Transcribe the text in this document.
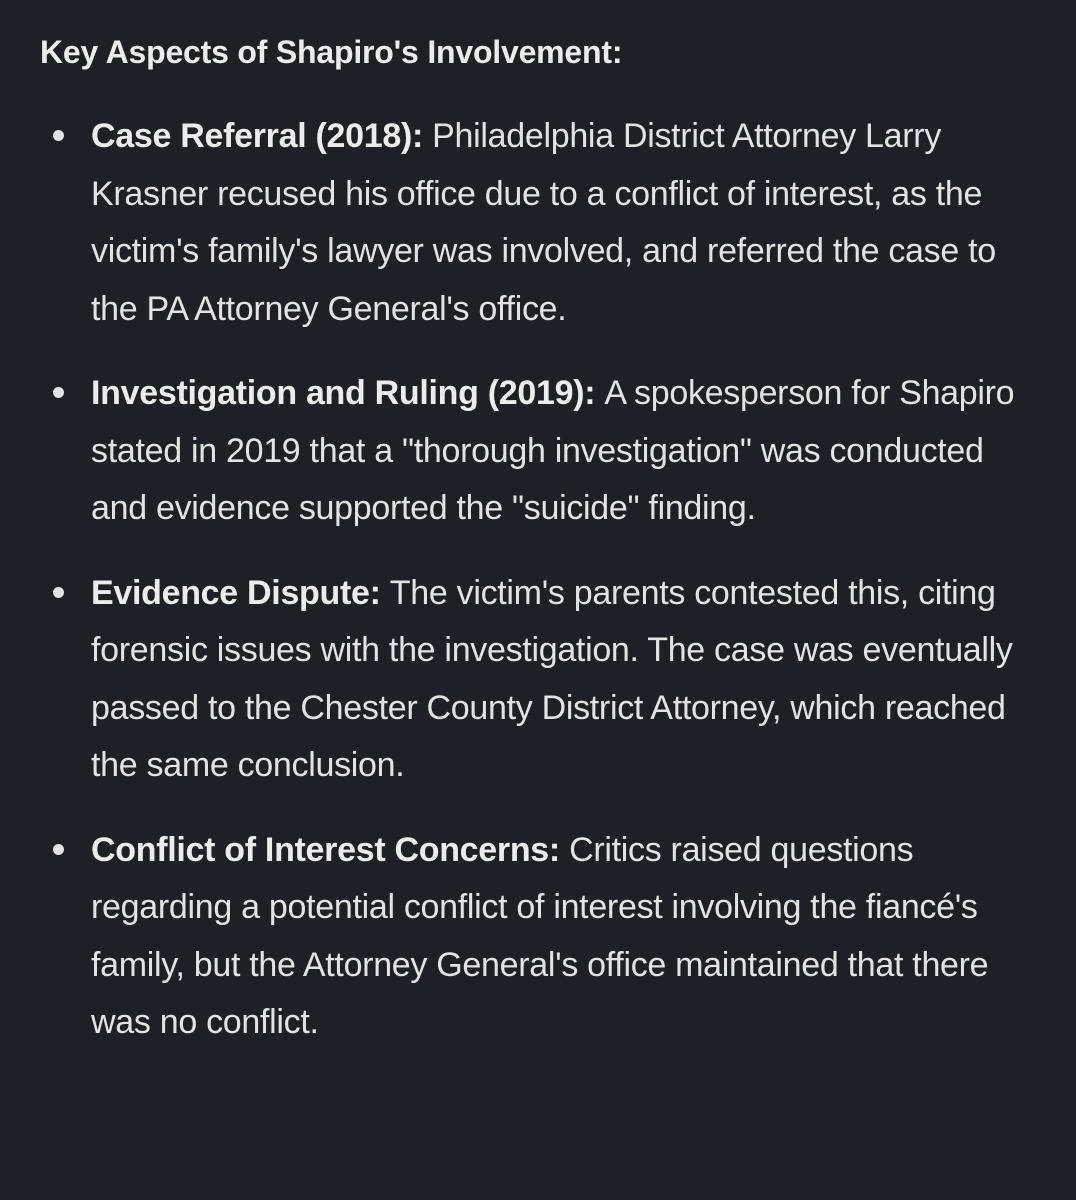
Key Aspects of Shapiro's Involvement:
Case Referral (2018): Philadelphia District Attorney Larry Krasner recused his office due to a conflict of interest, as the victim's family's lawyer was involved, and referred the case to the PA Attorney General's office.
Investigation and Ruling (2019): A spokesperson for Shapiro stated in 2019 that a "thorough investigation" was conducted and evidence supported the "suicide" finding.
Evidence Dispute: The victim's parents contested this, citing forensic issues with the investigation. The case was eventually passed to the Chester County District Attorney, which reached the same conclusion.
Conflict of Interest Concerns: Critics raised questions regarding a potential conflict of interest involving the fiancé's family, but the Attorney General's office maintained that there was no conflict.
